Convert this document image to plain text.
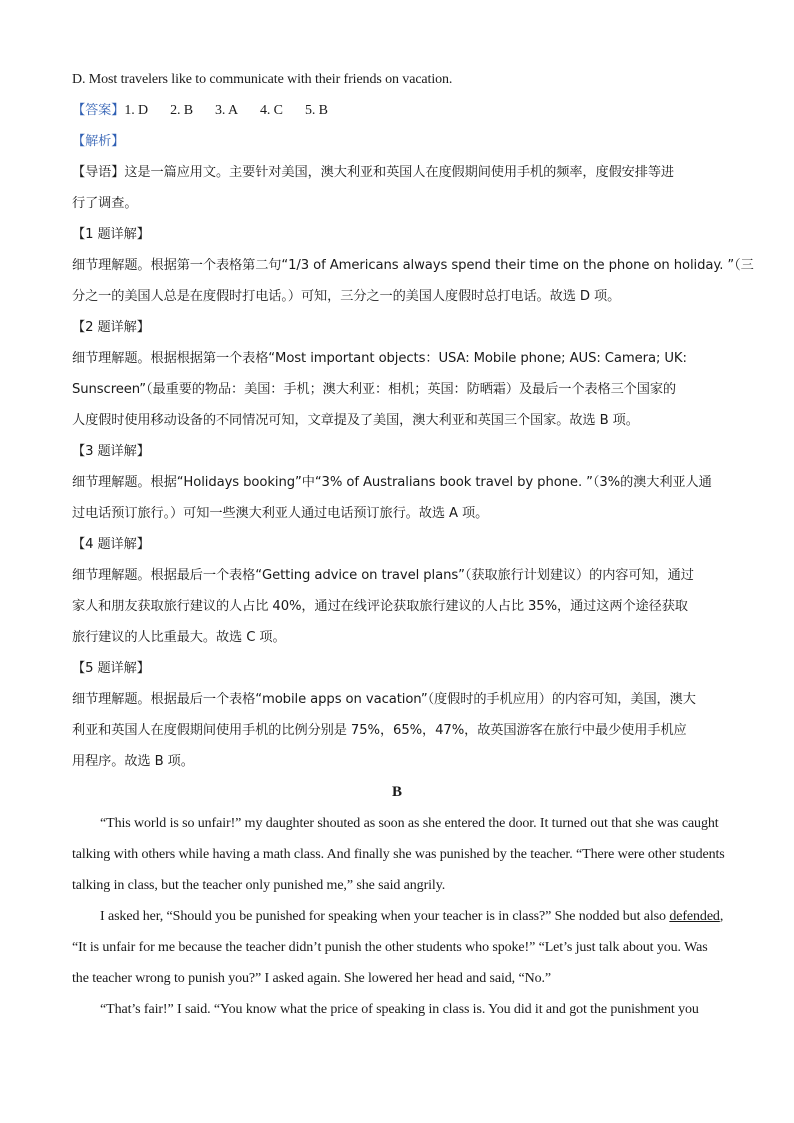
D. Most travelers like to communicate with their friends on vacation.
【答案】1. D 2. B 3. A 4. C 5. B
【解析】
【导语】这是一篇应用文。主要针对美国，澳大利亚和英国人在度假期间使用手机的频率，度假安排等进
行了调查。
【1 题详解】
细节理解题。根据第一个表格第二句“1/3 of Americans always spend their time on the phone on holiday. ”（三
分之一的美国人总是在度假时打电话。）可知，三分之一的美国人度假时总打电话。故选 D 项。
【2 题详解】
细节理解题。根据根据第一个表格“Most important objects：USA: Mobile phone; AUS: Camera; UK:
Sunscreen”（最重要的物品：美国：手机；澳大利亚：相机；英国：防晒霜）及最后一个表格三个国家的
人度假时使用移动设备的不同情况可知，文章提及了美国，澳大利亚和英国三个国家。故选 B 项。
【3 题详解】
细节理解题。根据“Holidays booking”中“3% of Australians book travel by phone. ”（3%的澳大利亚人通
过电话预订旅行。）可知一些澳大利亚人通过电话预订旅行。故选 A 项。
【4 题详解】
细节理解题。根据最后一个表格“Getting advice on travel plans”（获取旅行计划建议）的内容可知，通过
家人和朋友获取旅行建议的人占比 40%，通过在线评论获取旅行建议的人占比 35%，通过这两个途径获取
旅行建议的人比重最大。故选 C 项。
【5 题详解】
细节理解题。根据最后一个表格“mobile apps on vacation”（度假时的手机应用）的内容可知，美国，澳大
利亚和英国人在度假期间使用手机的比例分别是 75%，65%，47%，故英国游客在旅行中最少使用手机应
用程序。故选 B 项。
B
“This world is so unfair!” my daughter shouted as soon as she entered the door. It turned out that she was caught
talking with others while having a math class. And finally she was punished by the teacher. “There were other students
talking in class, but the teacher only punished me,” she said angrily.
I asked her, “Should you be punished for speaking when your teacher is in class?” She nodded but also defended,
“It is unfair for me because the teacher didn’t punish the other students who spoke!” “Let’s just talk about you. Was
the teacher wrong to punish you?” I asked again. She lowered her head and said, “No.”
“That’s fair!” I said. “You know what the price of speaking in class is. You did it and got the punishment you
